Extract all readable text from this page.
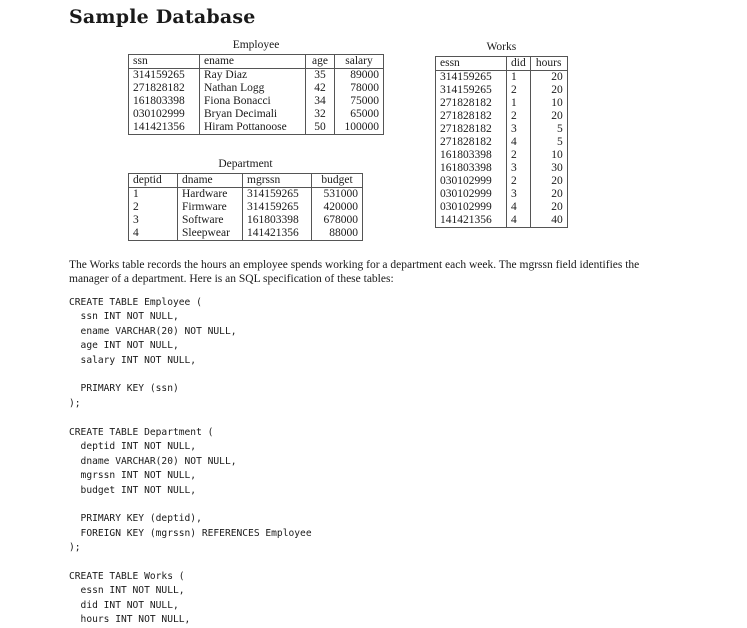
Sample Database
Employee
ssn	ename	age	salary
314159265	Ray Diaz	35	89000
271828182	Nathan Logg	42	78000
161803398	Fiona Bonacci	34	75000
030102999	Bryan Decimali	32	65000
141421356	Hiram Pottanoose	50	100000
Department
deptid	dname	mgrssn	budget
1	Hardware	314159265	531000
2	Firmware	314159265	420000
3	Software	161803398	678000
4	Sleepwear	141421356	88000
Works
essn	did	hours
314159265	1	20
314159265	2	20
271828182	1	10
271828182	2	20
271828182	3	5
271828182	4	5
161803398	2	10
161803398	3	30
030102999	2	20
030102999	3	20
030102999	4	20
141421356	4	40
The Works table records the hours an employee spends working for a department each week. The mgrssn field identifies the manager of a department. Here is an SQL specification of these tables:
CREATE TABLE Employee (
ssn INT NOT NULL,
ename VARCHAR(20) NOT NULL,
age INT NOT NULL,
salary INT NOT NULL,

PRIMARY KEY (ssn)
);
CREATE TABLE Department (
deptid INT NOT NULL,
dname VARCHAR(20) NOT NULL,
mgrssn INT NOT NULL,
budget INT NOT NULL,

PRIMARY KEY (deptid),
FOREIGN KEY (mgrssn) REFERENCES Employee
);
CREATE TABLE Works (
essn INT NOT NULL,
did INT NOT NULL,
hours INT NOT NULL,
